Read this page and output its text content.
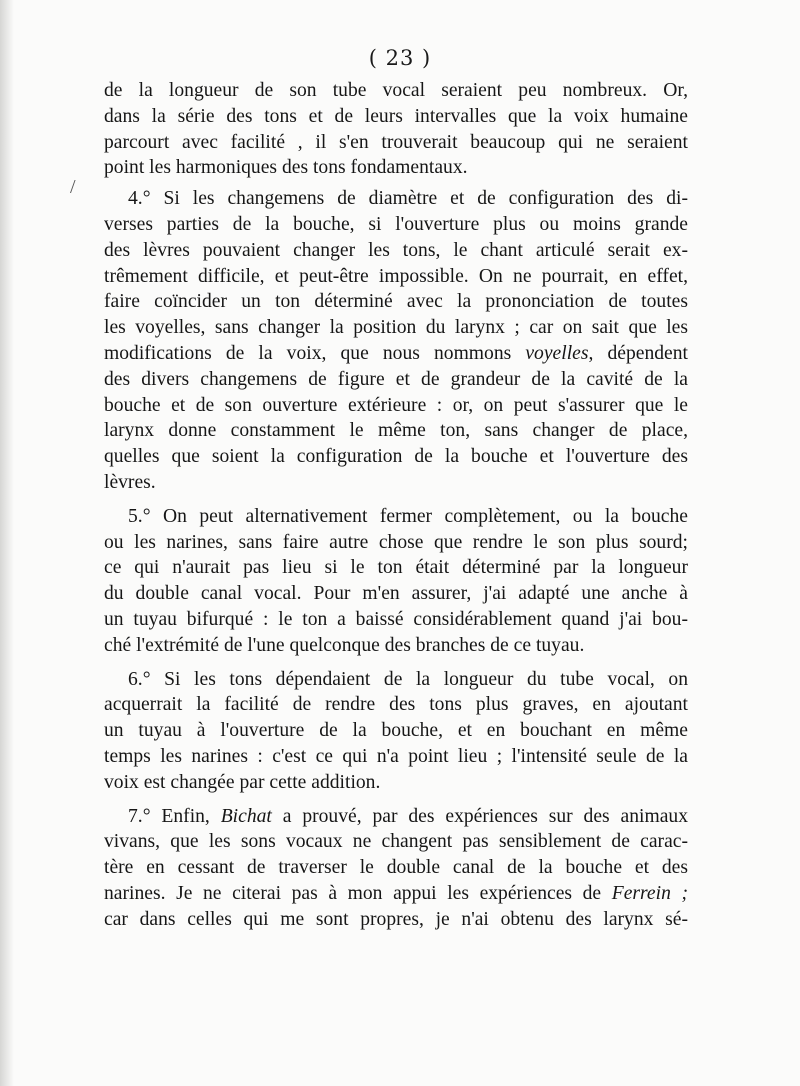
( 23 )
/
de la longueur de son tube vocal seraient peu nombreux. Or,
dans la série des tons et de leurs intervalles que la voix humaine
parcourt avec facilité , il s'en trouverait beaucoup qui ne seraient
point les harmoniques des tons fondamentaux.
4.° Si les changemens de diamètre et de configuration des di-
verses parties de la bouche, si l'ouverture plus ou moins grande
des lèvres pouvaient changer les tons, le chant articulé serait ex-
trêmement difficile, et peut-être impossible. On ne pourrait, en effet,
faire coïncider un ton déterminé avec la prononciation de toutes
les voyelles, sans changer la position du larynx ; car on sait que les
modifications de la voix, que nous nommons voyelles, dépendent
des divers changemens de figure et de grandeur de la cavité de la
bouche et de son ouverture extérieure : or, on peut s'assurer que le
larynx donne constamment le même ton, sans changer de place,
quelles que soient la configuration de la bouche et l'ouverture des
lèvres.
5.° On peut alternativement fermer complètement, ou la bouche
ou les narines, sans faire autre chose que rendre le son plus sourd;
ce qui n'aurait pas lieu si le ton était déterminé par la longueur
du double canal vocal. Pour m'en assurer, j'ai adapté une anche à
un tuyau bifurqué : le ton a baissé considérablement quand j'ai bou-
ché l'extrémité de l'une quelconque des branches de ce tuyau.
6.° Si les tons dépendaient de la longueur du tube vocal, on
acquerrait la facilité de rendre des tons plus graves, en ajoutant
un tuyau à l'ouverture de la bouche, et en bouchant en même
temps les narines : c'est ce qui n'a point lieu ; l'intensité seule de la
voix est changée par cette addition.
7.° Enfin, Bichat a prouvé, par des expériences sur des animaux
vivans, que les sons vocaux ne changent pas sensiblement de carac-
tère en cessant de traverser le double canal de la bouche et des
narines. Je ne citerai pas à mon appui les expériences de Ferrein ;
car dans celles qui me sont propres, je n'ai obtenu des larynx sé-
